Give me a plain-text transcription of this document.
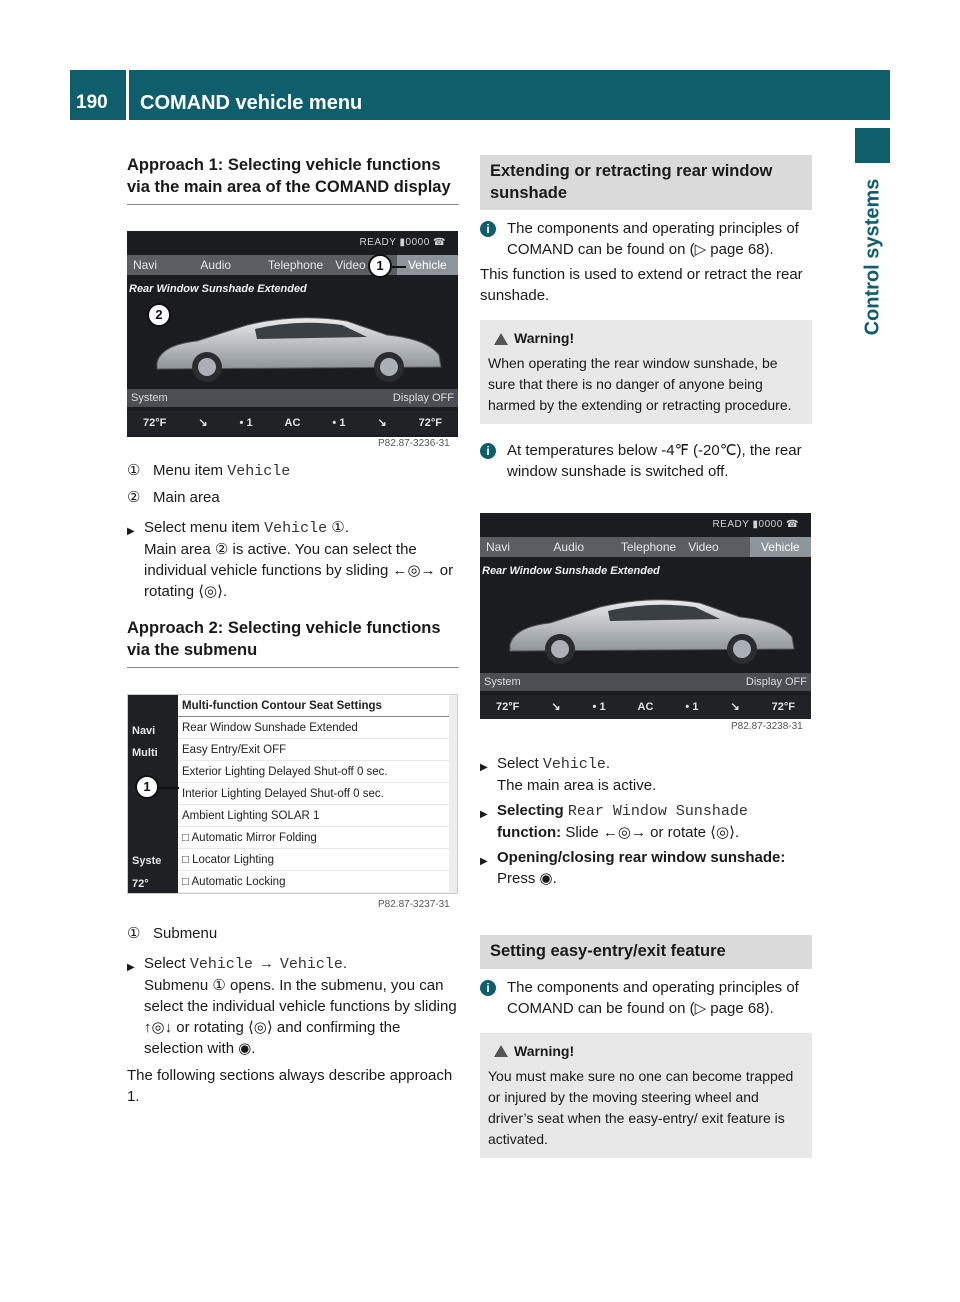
190 COMAND vehicle menu
Control systems
Approach 1: Selecting vehicle functions via the main area of the COMAND display
READY ▮0000 ☎
Navi	Audio	Telephone	Video	Vehicle
Rear Window Sunshade Extended
System	Display OFF
72°F	↘	• 1	AC	• 1	↘	72°F
1
2
P82.87-3236-31
① Menu item Vehicle
② Main area
▶ Select menu item Vehicle ①.
Main area ② is active. You can select the individual vehicle functions by sliding ←◎→ or rotating ⟨◎⟩.
Approach 2: Selecting vehicle functions via the submenu
Navi
Multi
Syste
72°
Multi-function Contour Seat Settings
Rear Window Sunshade Extended
Easy Entry/Exit OFF
Exterior Lighting Delayed Shut-off 0 sec.
Interior Lighting Delayed Shut-off 0 sec.
Ambient Lighting SOLAR 1
□ Automatic Mirror Folding
□ Locator Lighting
□ Automatic Locking
1
P82.87-3237-31
① Submenu
▶ Select Vehicle → Vehicle.
Submenu ① opens. In the submenu, you can select the individual vehicle functions by sliding ↑◎↓ or rotating ⟨◎⟩ and confirming the selection with ◉.
The following sections always describe approach 1.
Extending or retracting rear window sunshade
i	The components and operating principles of COMAND can be found on (▷ page 68).
This function is used to extend or retract the rear sunshade.
Warning!
When operating the rear window sunshade, be sure that there is no danger of anyone being harmed by the extending or retracting procedure.
i	At temperatures below -4℉ (-20℃), the rear window sunshade is switched off.
READY ▮0000 ☎
Navi	Audio	Telephone	Video	Vehicle
Rear Window Sunshade Extended
System	Display OFF
72°F	↘	• 1	AC	• 1	↘	72°F
P82.87-3238-31
▶ Select Vehicle.
The main area is active.
▶ Selecting Rear Window Sunshade
function: Slide ←◎→ or rotate ⟨◎⟩.
▶ Opening/closing rear window sunshade: Press ◉.
Setting easy-entry/exit feature
i	The components and operating principles of COMAND can be found on (▷ page 68).
Warning!
You must make sure no one can become trapped or injured by the moving steering wheel and driver’s seat when the easy-entry/ exit feature is activated.
